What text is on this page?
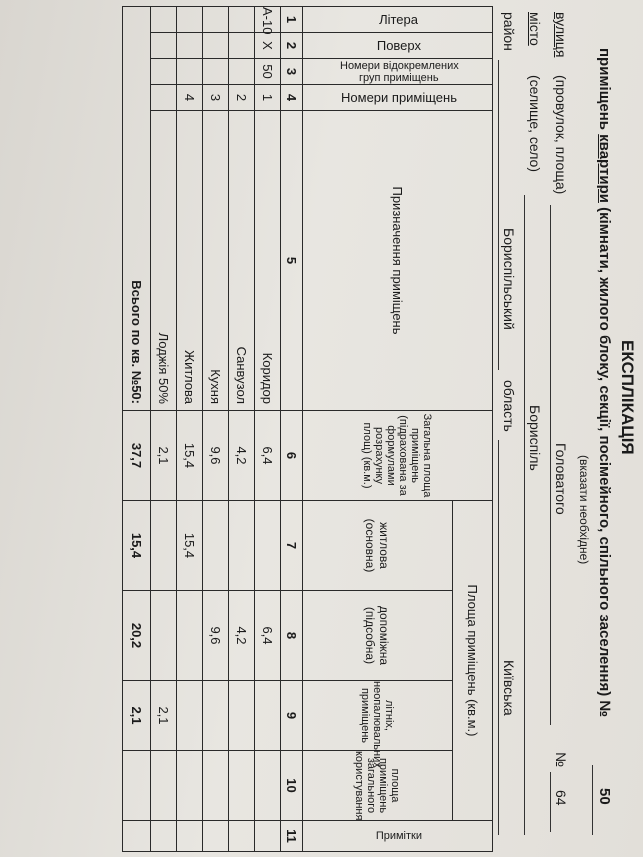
ЕКСПЛІКАЦІЯ
приміщень квартири (кімнати, жилого блоку, секції, посімейного, спільного заселення) №
50
(вказати необхідне)
вулиця
(провулок, площа)
Головатого
№
64
місто
(селище, село)
Бориспіль
район
Бориспільський
область
Київська
Літера	Поверх	Номери відокремлених груп приміщень	Номери приміщень	Призначення приміщень	Загальна площа приміщень (підрахована за формулами розрахунку площ) (кв.м.)	Площа приміщень (кв.м.)				Примітки
						житлова (основна)	допоміжна (підсобна)	літніх, неопалювальних приміщень	площа приміщень загального користування	
1	2	3	4	5	6	7	8	9	10	11
А-10	Х	50	1	Коридор	6,4		6,4			
			2	Санвузол	4,2		4,2			
			3	Кухня	9,6		9,6			
			4	Житлова	15,4	15,4				
				Лоджія 50%	2,1			2,1		
Всього по кв. №50:					37,7	15,4	20,2	2,1		
